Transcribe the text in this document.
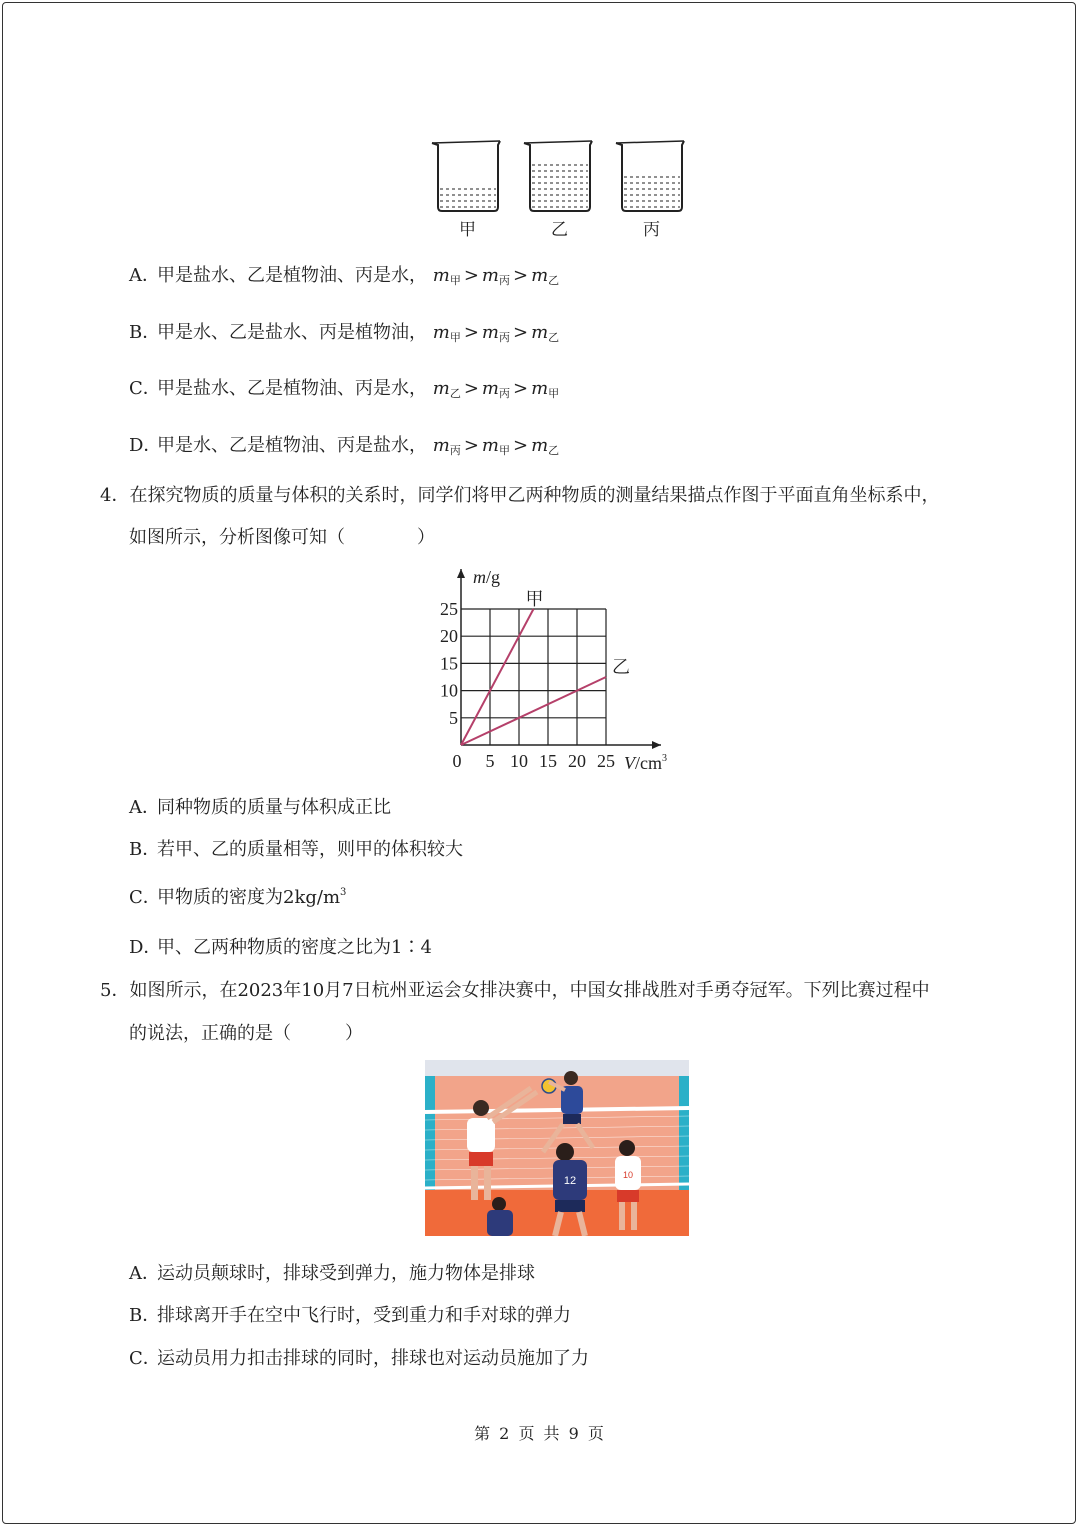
甲	乙	丙
A．甲是盐水、乙是植物油、丙是水， m甲 > m丙 > m乙
B．甲是水、乙是盐水、丙是植物油， m甲 > m丙 > m乙
C．甲是盐水、乙是植物油、丙是水， m乙 > m丙 > m甲
D．甲是水、乙是植物油、丙是盐水， m丙 > m甲 > m乙
4．在探究物质的质量与体积的关系时，同学们将甲乙两种物质的测量结果描点作图于平面直角坐标系中，
如图所示，分析图像可知（　　　　）
甲
乙
0 5 10 15 20 25
5
10
15
20
25
m/g
$V/cm^3$
A．同种物质的质量与体积成正比
B．若甲、乙的质量相等，则甲的体积较大
C．甲物质的密度为$2kg/m^3$
D．甲、乙两种物质的密度之比为1∶4
5．如图所示，在2023年10月7日杭州亚运会女排决赛中，中国女排战胜对手勇夺冠军。下列比赛过程中
的说法，正确的是（　　　）
12	10
A．运动员颠球时，排球受到弹力，施力物体是排球
B．排球离开手在空中飞行时，受到重力和手对球的弹力
C．运动员用力扣击排球的同时，排球也对运动员施加了力
第 2 页 共 9 页
